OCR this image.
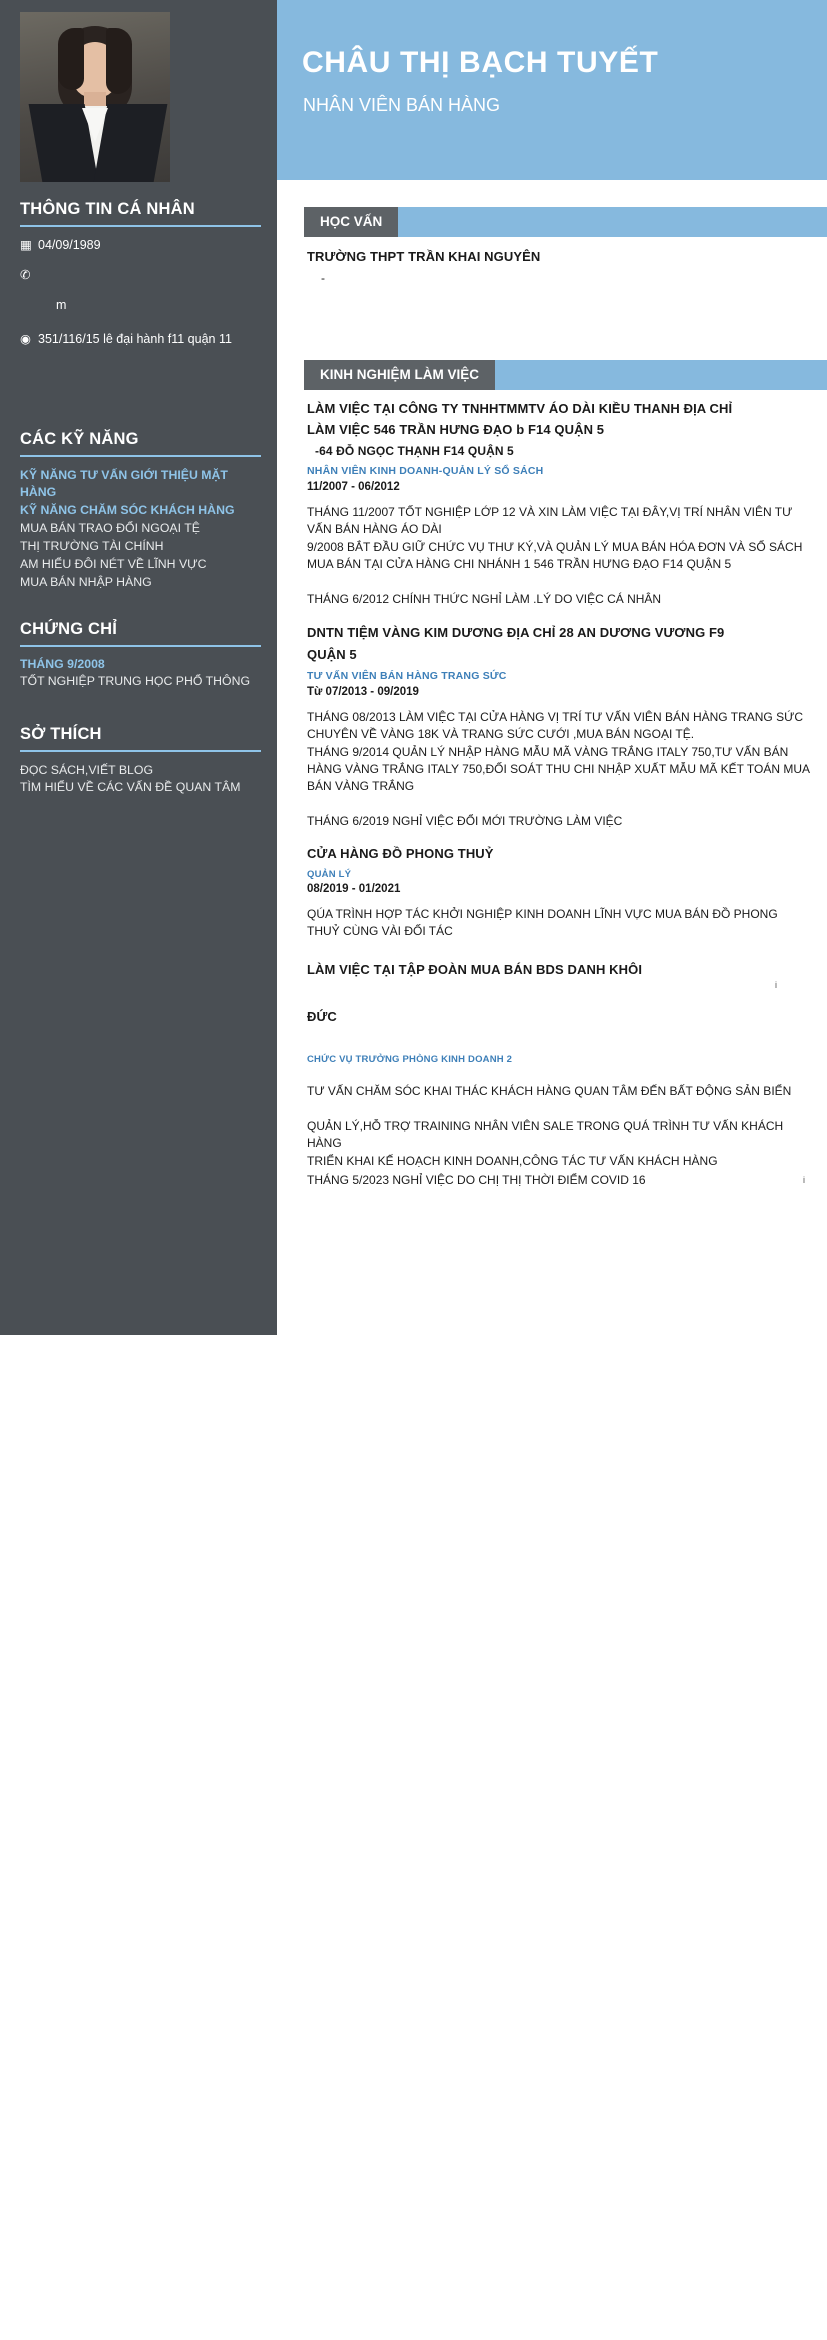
THÔNG TIN CÁ NHÂN
▦ 04/09/1989
✆
m
◉ 351/116/15 lê đại hành f11 quận 11
CÁC KỸ NĂNG
KỸ NĂNG TƯ VẤN GIỚI THIỆU MẶT HÀNG
KỸ NĂNG CHĂM SÓC KHÁCH HÀNG
MUA BÁN TRAO ĐỔI NGOẠI TỆ
THỊ TRƯỜNG TÀI CHÍNH
AM HIỂU ĐÔI NÉT VỀ LĨNH VỰC
MUA BÁN NHẬP HÀNG
CHỨNG CHỈ
THÁNG 9/2008
TỐT NGHIỆP TRUNG HỌC PHỔ THÔNG
SỞ THÍCH
ĐỌC SÁCH,VIẾT BLOG
TÌM HIỂU VỀ CÁC VẤN ĐỀ QUAN TÂM
CHÂU THỊ BẠCH TUYẾT
NHÂN VIÊN BÁN HÀNG
HỌC VẤN
TRƯỜNG THPT TRẦN KHAI NGUYÊN
-
KINH NGHIỆM LÀM VIỆC
LÀM VIỆC TẠI CÔNG TY TNHHTMMTV ÁO DÀI KIỀU THANH ĐỊA CHỈ
LÀM VIỆC 546 TRẦN HƯNG ĐẠO b F14 QUẬN 5
-64 ĐỖ NGỌC THẠNH F14 QUẬN 5
NHÂN VIÊN KINH DOANH-QUẢN LÝ SỔ SÁCH
11/2007 - 06/2012
THÁNG 11/2007 TỐT NGHIỆP LỚP 12 VÀ XIN LÀM VIỆC TẠI ĐÂY,VỊ TRÍ NHÂN VIÊN TƯ VẤN BÁN HÀNG ÁO DÀI
9/2008 BẮT ĐẦU GIỮ CHỨC VỤ THƯ KÝ,VÀ QUẢN LÝ MUA BÁN HÓA ĐƠN VÀ SỔ SÁCH MUA BÁN TẠI CỬA HÀNG CHI NHÁNH 1 546 TRẦN HƯNG ĐẠO F14 QUẬN 5
THÁNG 6/2012 CHÍNH THỨC NGHỈ LÀM .LÝ DO VIỆC CÁ NHÂN
DNTN TIỆM VÀNG KIM DƯƠNG ĐỊA CHỈ 28 AN DƯƠNG VƯƠNG F9
QUẬN 5
TƯ VẤN VIÊN BÁN HÀNG TRANG SỨC
Từ 07/2013 - 09/2019
THÁNG 08/2013 LÀM VIỆC TẠI CỬA HÀNG VỊ TRÍ TƯ VẤN VIÊN BÁN HÀNG TRANG SỨC CHUYÊN VỀ VÀNG 18K VÀ TRANG SỨC CƯỚI ,MUA BÁN NGOẠI TỆ.
THÁNG 9/2014 QUẢN LÝ NHẬP HÀNG MẪU MÃ VÀNG TRẮNG ITALY 750,TƯ VẤN BÁN HÀNG VÀNG TRẮNG ITALY 750,ĐỐI SOÁT THU CHI NHẬP XUẤT MẪU MÃ KẾT TOÁN MUA BÁN VÀNG TRẮNG
THÁNG 6/2019 NGHỈ VIỆC ĐỔI MỚI TRƯỜNG LÀM VIỆC
CỬA HÀNG ĐỒ PHONG THUỶ
QUẢN LÝ
08/2019 - 01/2021
QÚA TRÌNH HỢP TÁC KHỞI NGHIỆP KINH DOANH LĨNH VỰC MUA BÁN ĐỒ PHONG THUỶ CÙNG VÀI ĐỐI TÁC
LÀM VIỆC TẠI TẬP ĐOÀN MUA BÁN BDS DANH KHÔI
i
ĐỨC
CHỨC VỤ TRƯỞNG PHÒNG KINH DOANH 2
TƯ VẤN CHĂM SÓC KHAI THÁC KHÁCH HÀNG QUAN TÂM ĐẾN BẤT ĐỘNG SẢN BIỂN
QUẢN LÝ,HỖ TRỢ TRAINING NHÂN VIÊN SALE TRONG QUÁ TRÌNH TƯ VẤN KHÁCH HÀNG
TRIỂN KHAI KẾ HOẠCH KINH DOANH,CÔNG TÁC TƯ VẤN KHÁCH HÀNG
THÁNG 5/2023 NGHỈ VIỆC DO CHỊ THỊ THỜI ĐIỂM COVID 16	i
